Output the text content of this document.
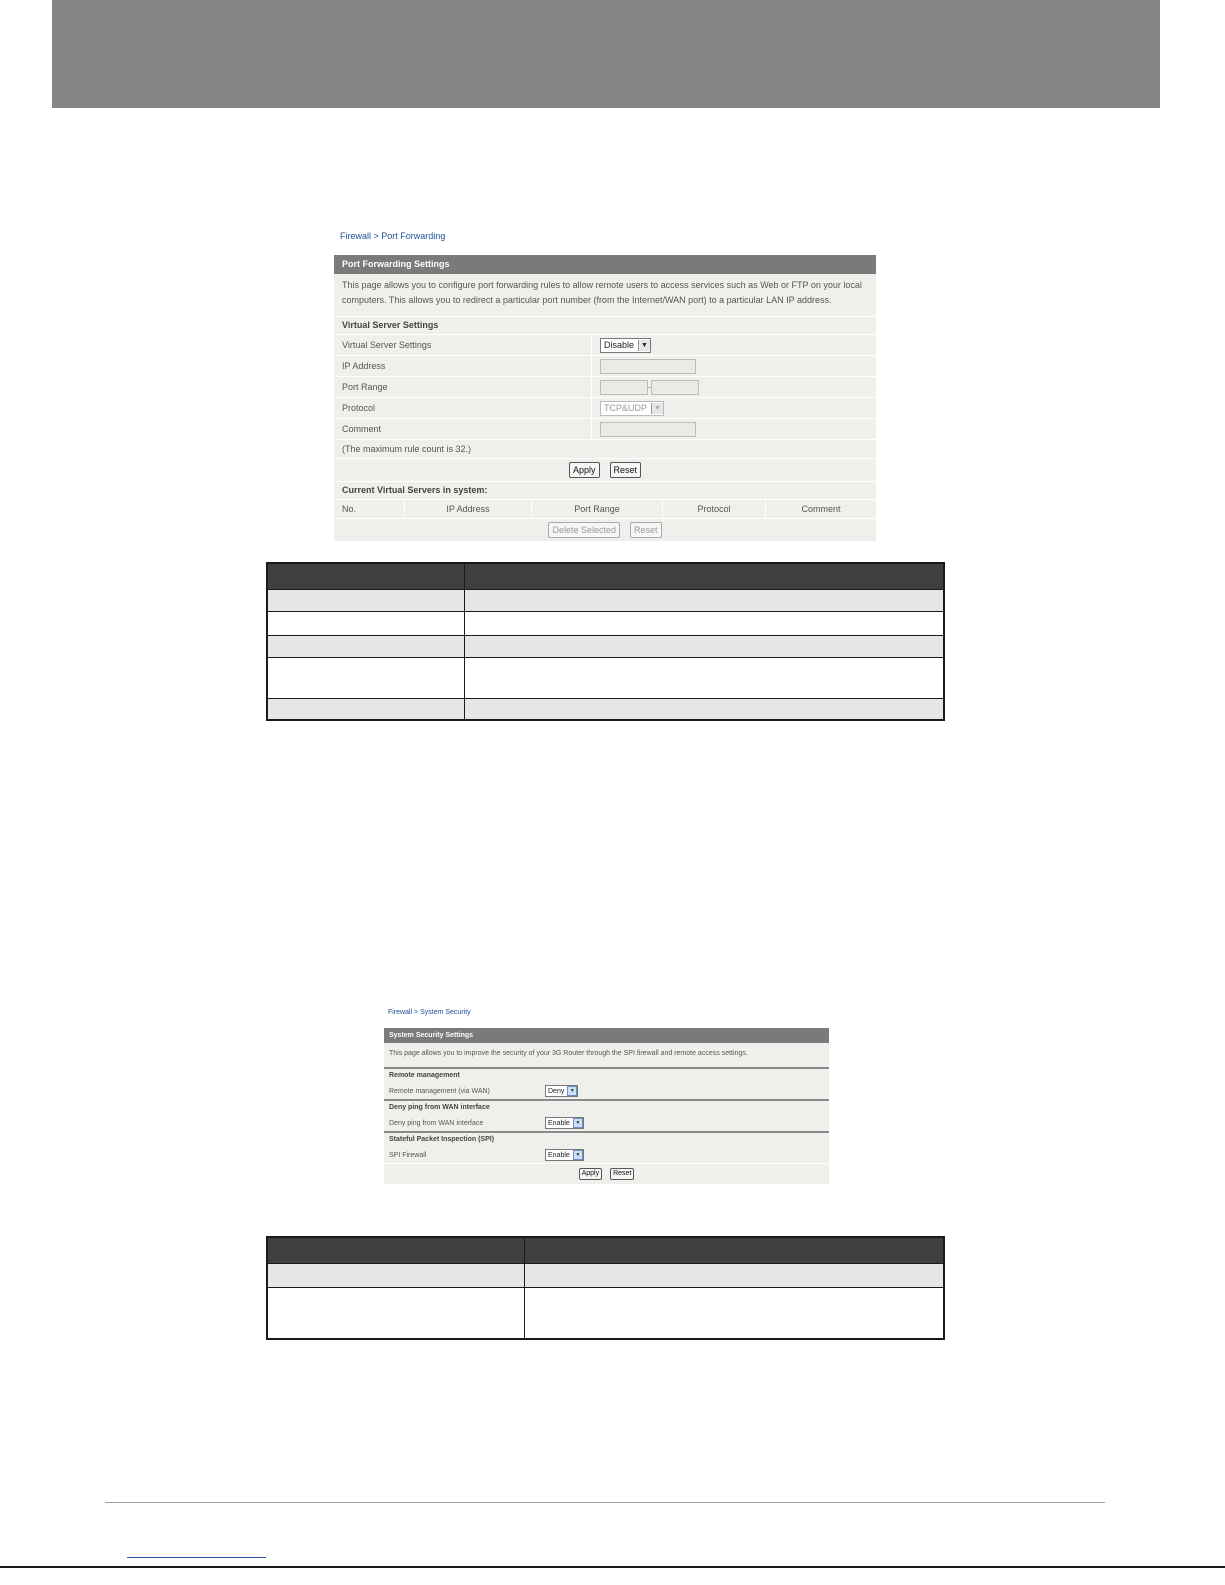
Firewall > Port Forwarding
Port Forwarding Settings
This page allows you to configure port forwarding rules to allow remote users to access services such as Web or FTP on your local computers. This allows you to redirect a particular port number (from the Internet/WAN port) to a particular LAN IP address.
Virtual Server Settings
Virtual Server Settings	Disable	▼
IP Address
Port Range	-
Protocol	TCP&UDP	▼
Comment
(The maximum rule count is 32.)
Apply	Reset
Current Virtual Servers in system:
No.	IP Address	Port Range	Protocol	Comment
Delete Selected	Reset

Firewall > System Security
System Security Settings
This page allows you to improve the security of your 3G Router through the SPI firewall and remote access settings.
Remote management
Remote management (via WAN)	Deny	▼
Deny ping from WAN interface
Deny ping from WAN interface	Enable	▼
Stateful Packet Inspection (SPI)
SPI Firewall	Enable	▼
Apply	Reset
